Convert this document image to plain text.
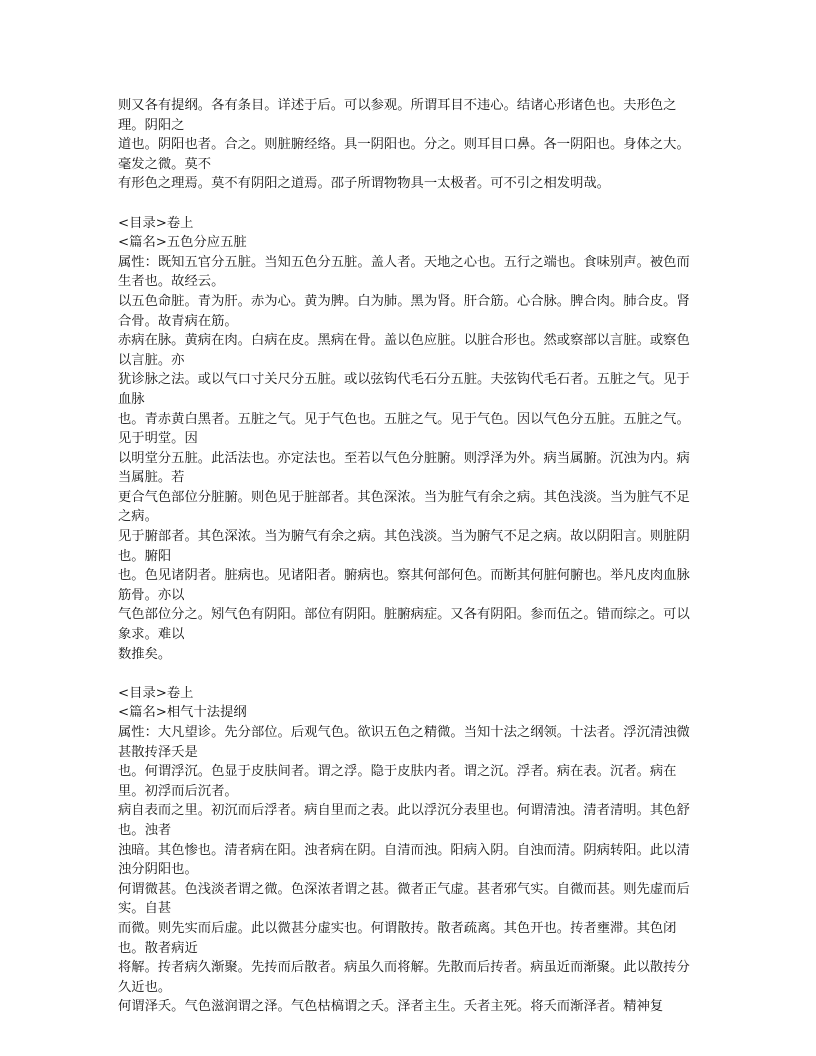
则又各有提纲。各有条目。详述于后。可以参观。所谓耳目不违心。结诸心形诸色也。夫形色之理。阴阳之
道也。阴阳也者。合之。则脏腑经络。具一阴阳也。分之。则耳目口鼻。各一阴阳也。身体之大。毫发之微。莫不
有形色之理焉。莫不有阴阳之道焉。邵子所谓物物具一太极者。可不引之相发明哉。
<目录>卷上
<篇名>五色分应五脏
属性：既知五官分五脏。当知五色分五脏。盖人者。天地之心也。五行之端也。食味别声。被色而生者也。故经云。
以五色命脏。青为肝。赤为心。黄为脾。白为肺。黑为肾。肝合筋。心合脉。脾合肉。肺合皮。肾合骨。故青病在筋。
赤病在脉。黄病在肉。白病在皮。黑病在骨。盖以色应脏。以脏合形也。然或察部以言脏。或察色以言脏。亦
犹诊脉之法。或以气口寸关尺分五脏。或以弦钩代毛石分五脏。夫弦钩代毛石者。五脏之气。见于血脉
也。青赤黄白黑者。五脏之气。见于气色也。五脏之气。见于气色。因以气色分五脏。五脏之气。见于明堂。因
以明堂分五脏。此活法也。亦定法也。至若以气色分脏腑。则浮泽为外。病当属腑。沉浊为内。病当属脏。若
更合气色部位分脏腑。则色见于脏部者。其色深浓。当为脏气有余之病。其色浅淡。当为脏气不足之病。
见于腑部者。其色深浓。当为腑气有余之病。其色浅淡。当为腑气不足之病。故以阴阳言。则脏阴也。腑阳
也。色见诸阴者。脏病也。见诸阳者。腑病也。察其何部何色。而断其何脏何腑也。举凡皮肉血脉筋骨。亦以
气色部位分之。矧气色有阴阳。部位有阴阳。脏腑病症。又各有阴阳。参而伍之。错而综之。可以象求。难以
数推矣。
<目录>卷上
<篇名>相气十法提纲
属性：大凡望诊。先分部位。后观气色。欲识五色之精微。当知十法之纲领。十法者。浮沉清浊微甚散抟泽夭是
也。何谓浮沉。色显于皮肤间者。谓之浮。隐于皮肤内者。谓之沉。浮者。病在表。沉者。病在里。初浮而后沉者。
病自表而之里。初沉而后浮者。病自里而之表。此以浮沉分表里也。何谓清浊。清者清明。其色舒也。浊者
浊暗。其色惨也。清者病在阳。浊者病在阴。自清而浊。阳病入阴。自浊而清。阴病转阳。此以清浊分阴阳也。
何谓微甚。色浅淡者谓之微。色深浓者谓之甚。微者正气虚。甚者邪气实。自微而甚。则先虚而后实。自甚
而微。则先实而后虚。此以微甚分虚实也。何谓散抟。散者疏离。其色开也。抟者壅滞。其色闭也。散者病近
将解。抟者病久渐聚。先抟而后散者。病虽久而将解。先散而后抟者。病虽近而渐聚。此以散抟分久近也。
何谓泽夭。气色滋润谓之泽。气色枯槁谓之夭。泽者主生。夭者主死。将夭而渐泽者。精神复
